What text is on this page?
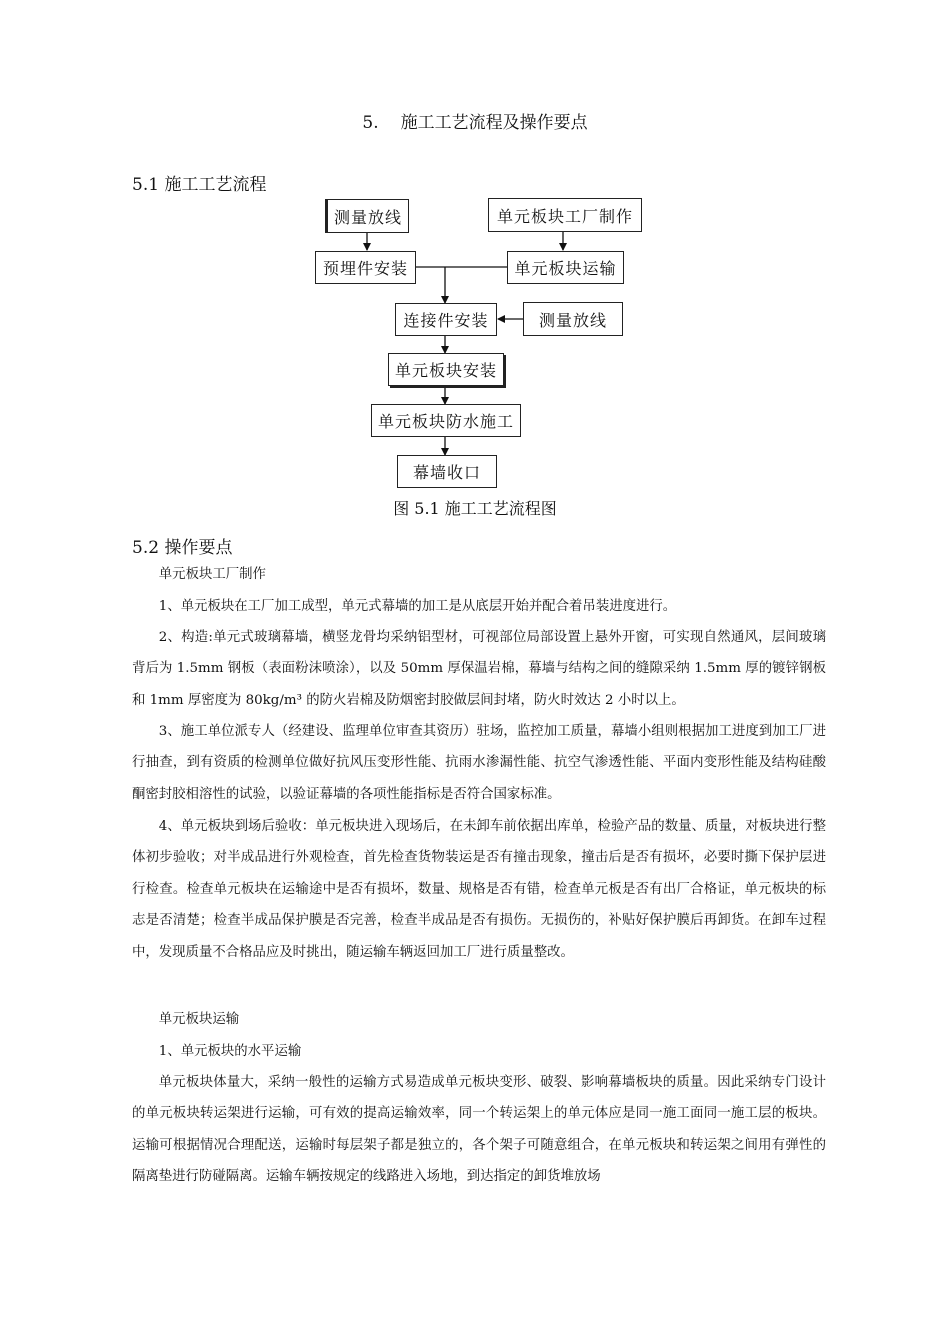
5. 施工工艺流程及操作要点
5.1 施工工艺流程
测量放线	单元板块工厂制作
预埋件安装	单元板块运输
连接件安装	测量放线
单元板块安装
单元板块防水施工
幕墙收口
图 5.1 施工工艺流程图
5.2 操作要点

单元板块工厂制作

1、单元板块在工厂加工成型，单元式幕墙的加工是从底层开始并配合着吊装进度进行。

2、构造:单元式玻璃幕墙，横竖龙骨均采纳铝型材，可视部位局部设置上悬外开窗，可实现自然通风，层间玻璃背后为 1.5mm 钢板（表面粉沫喷涂），以及 50mm 厚保温岩棉，幕墙与结构之间的缝隙采纳 1.5mm 厚的镀锌钢板和 1mm 厚密度为 80kg/m³ 的防火岩棉及防烟密封胶做层间封堵，防火时效达 2 小时以上。

3、施工单位派专人（经建设、监理单位审查其资历）驻场，监控加工质量，幕墙小组则根据加工进度到加工厂进行抽查，到有资质的检测单位做好抗风压变形性能、抗雨水渗漏性能、抗空气渗透性能、平面内变形性能及结构硅酸酮密封胶相溶性的试验，以验证幕墙的各项性能指标是否符合国家标准。

4、单元板块到场后验收：单元板块进入现场后，在未卸车前依据出库单，检验产品的数量、质量，对板块进行整体初步验收；对半成品进行外观检查，首先检查货物装运是否有撞击现象，撞击后是否有损坏，必要时撕下保护层进行检查。检查单元板块在运输途中是否有损坏，数量、规格是否有错，检查单元板是否有出厂合格证，单元板块的标志是否清楚；检查半成品保护膜是否完善，检查半成品是否有损伤。无损伤的，补贴好保护膜后再卸货。在卸车过程中，发现质量不合格品应及时挑出，随运输车辆返回加工厂进行质量整改。

单元板块运输

1、单元板块的水平运输

单元板块体量大，采纳一般性的运输方式易造成单元板块变形、破裂、影响幕墙板块的质量。因此采纳专门设计的单元板块转运架进行运输，可有效的提高运输效率，同一个转运架上的单元体应是同一施工面同一施工层的板块。运输可根据情况合理配送，运输时每层架子都是独立的，各个架子可随意组合，在单元板块和转运架之间用有弹性的隔离垫进行防碰隔离。运输车辆按规定的线路进入场地，到达指定的卸货堆放场
